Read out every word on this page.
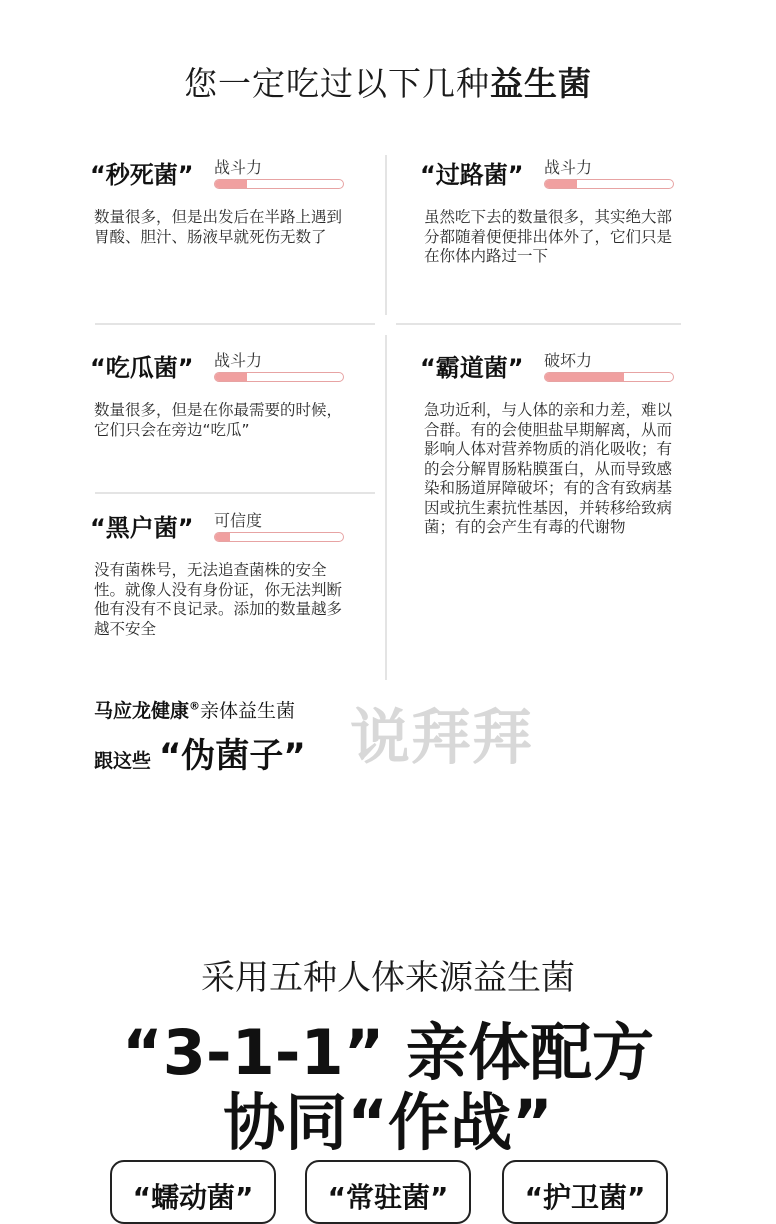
您一定吃过以下几种益生菌
“秒死菌” 战斗力
数量很多，但是出发后在半路上遇到胃酸、胆汁、肠液早就死伤无数了
“过路菌” 战斗力
虽然吃下去的数量很多，其实绝大部分都随着便便排出体外了，它们只是在你体内路过一下
“吃瓜菌” 战斗力
数量很多，但是在你最需要的时候，它们只会在旁边“吃瓜”
“霸道菌” 破坏力
急功近利，与人体的亲和力差，难以合群。有的会使胆盐早期解离，从而影响人体对营养物质的消化吸收；有的会分解胃肠粘膜蛋白，从而导致感染和肠道屏障破坏；有的含有致病基因或抗生素抗性基因，并转移给致病菌；有的会产生有毒的代谢物
“黑户菌” 可信度
没有菌株号，无法追查菌株的安全性。就像人没有身份证，你无法判断他有没有不良记录。添加的数量越多越不安全
马应龙健康®亲体益生菌
跟这些 “伪菌子” 说拜拜
采用五种人体来源益生菌
“3-1-1” 亲体配方
协同“作战”
“蠕动菌”	“常驻菌”	“护卫菌”
